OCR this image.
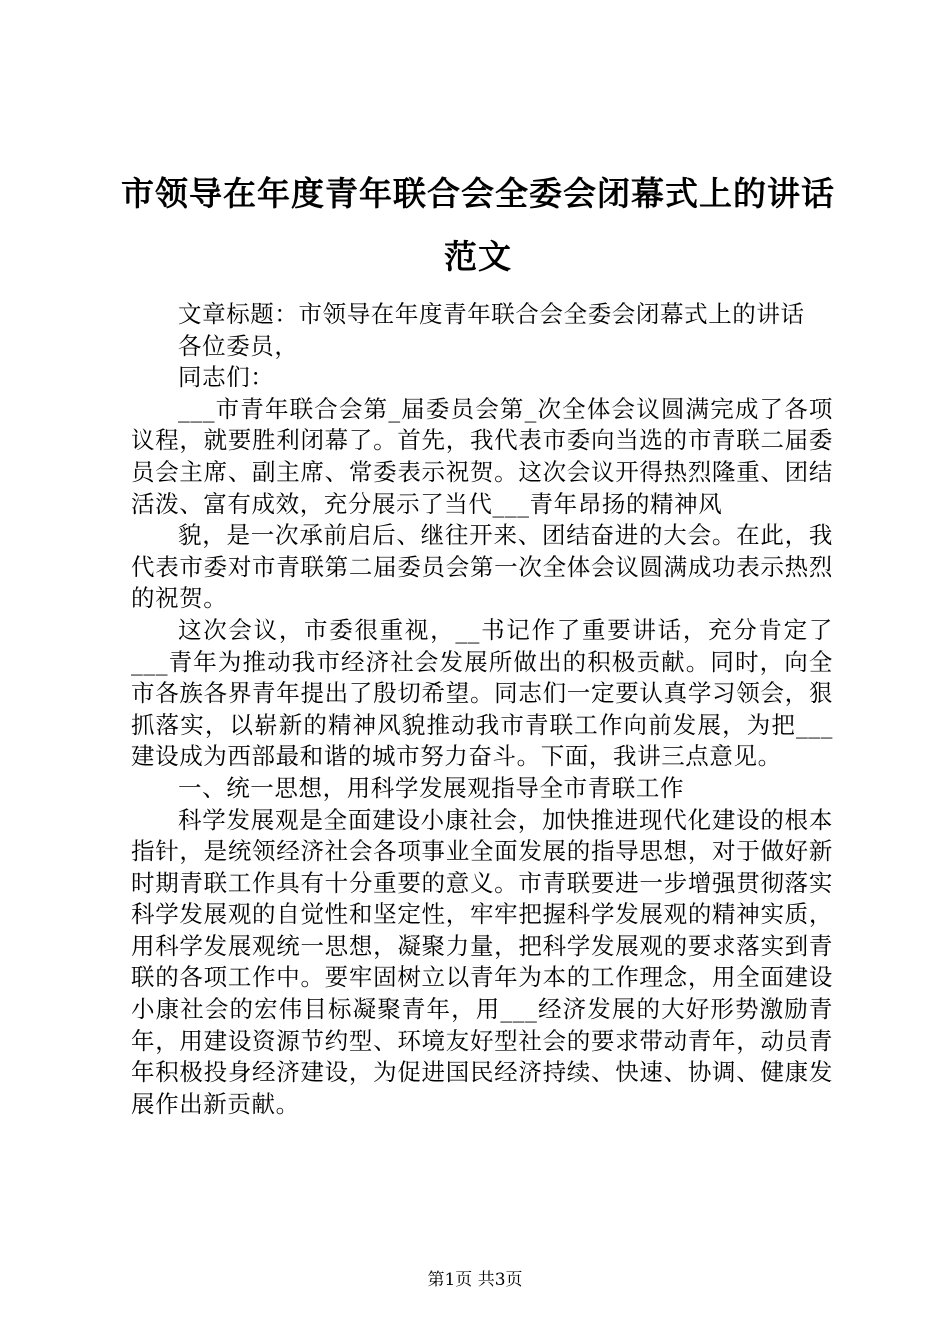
市领导在年度青年联合会全委会闭幕式上的讲话范文

文章标题：市领导在年度青年联合会全委会闭幕式上的讲话

各位委员，

同志们：

___市青年联合会第_届委员会第_次全体会议圆满完成了各项议程，就要胜利闭幕了。首先，我代表市委向当选的市青联二届委员会主席、副主席、常委表示祝贺。这次会议开得热烈隆重、团结活泼、富有成效，充分展示了当代___青年昂扬的精神风

貌，是一次承前启后、继往开来、团结奋进的大会。在此，我代表市委对市青联第二届委员会第一次全体会议圆满成功表示热烈的祝贺。

这次会议，市委很重视，__书记作了重要讲话，充分肯定了___青年为推动我市经济社会发展所做出的积极贡献。同时，向全市各族各界青年提出了殷切希望。同志们一定要认真学习领会，狠抓落实，以崭新的精神风貌推动我市青联工作向前发展，为把___建设成为西部最和谐的城市努力奋斗。下面，我讲三点意见。

一、统一思想，用科学发展观指导全市青联工作

科学发展观是全面建设小康社会，加快推进现代化建设的根本指针，是统领经济社会各项事业全面发展的指导思想，对于做好新时期青联工作具有十分重要的意义。市青联要进一步增强贯彻落实科学发展观的自觉性和坚定性，牢牢把握科学发展观的精神实质，用科学发展观统一思想，凝聚力量，把科学发展观的要求落实到青联的各项工作中。要牢固树立以青年为本的工作理念，用全面建设小康社会的宏伟目标凝聚青年，用___经济发展的大好形势激励青年，用建设资源节约型、环境友好型社会的要求带动青年，动员青年积极投身经济建设，为促进国民经济持续、快速、协调、健康发展作出新贡献。

第1页 共3页
